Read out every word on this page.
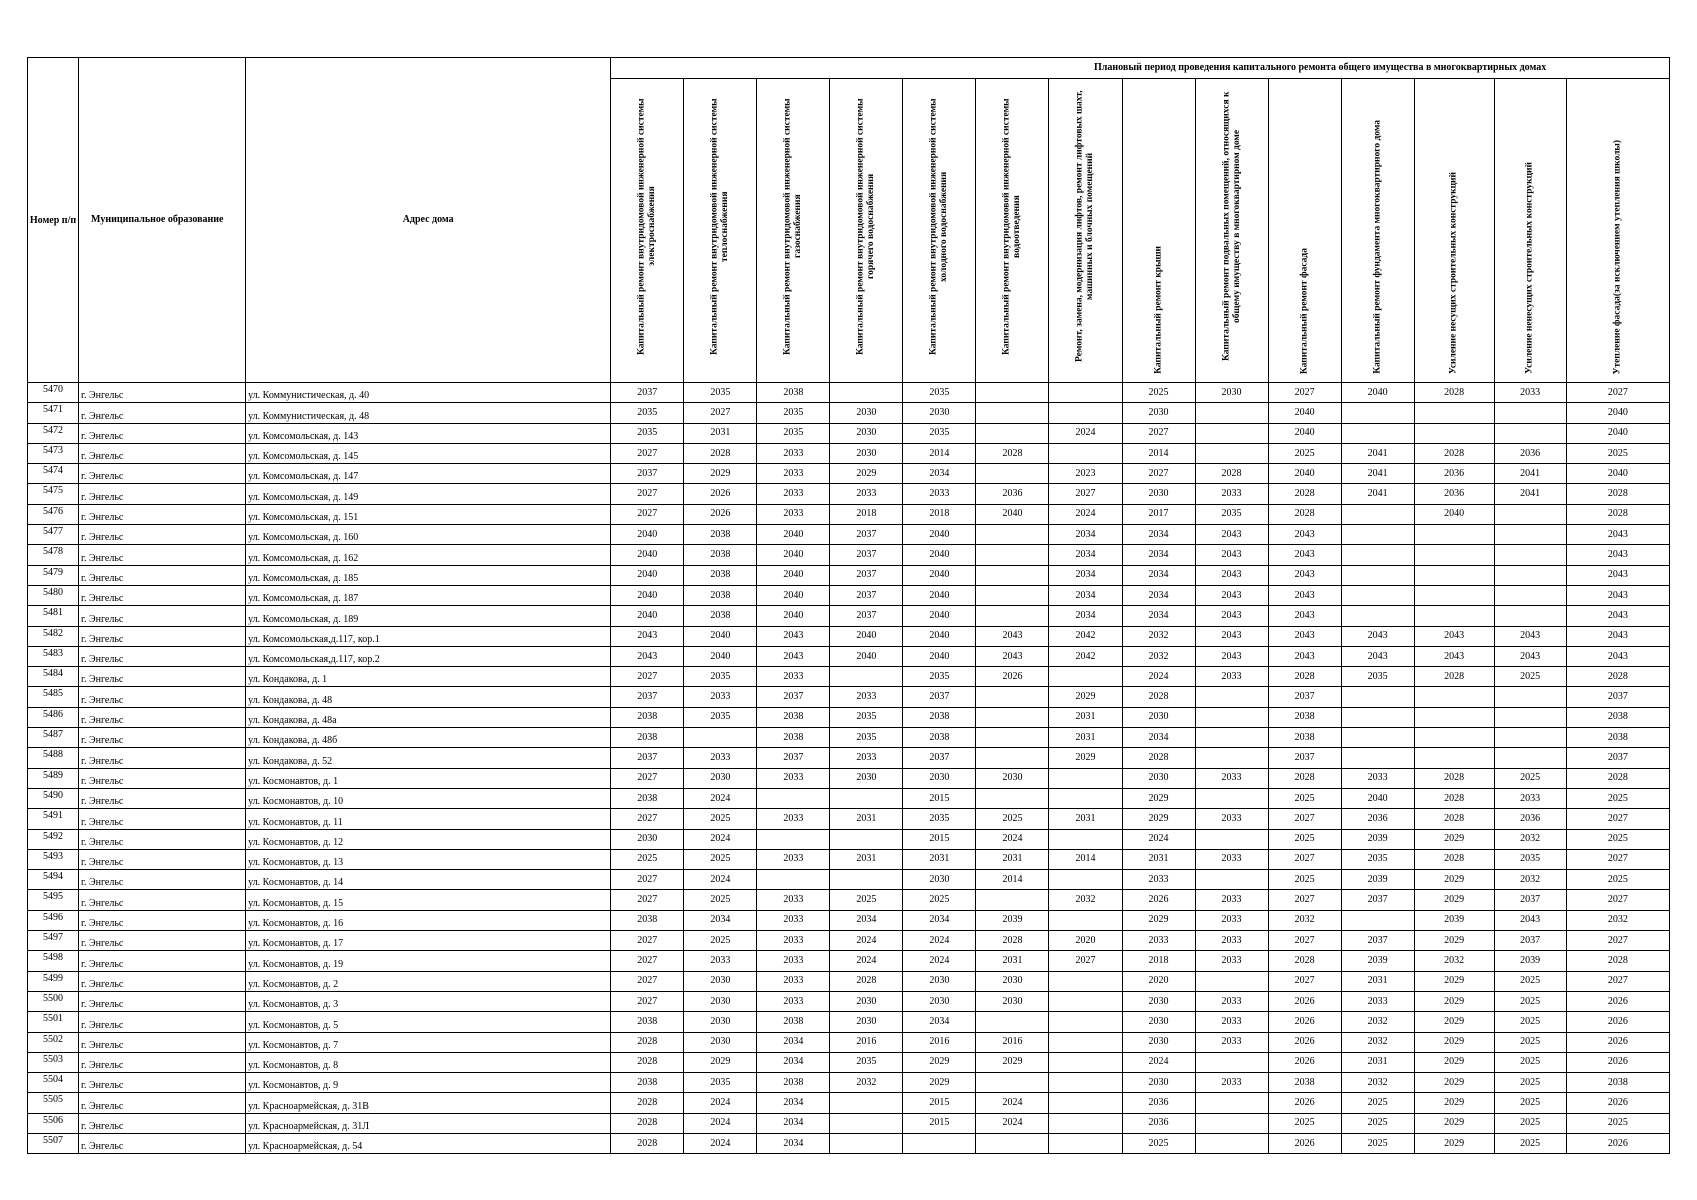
Номер п/п	Муниципальное образование	Адрес дома	Плановый период проведения капитального ремонта общего имущества в многоквартирных домах													

			Капитальный ремонт внутридомовой инженерной системы электроснабжения	Капитальный ремонт внутридомовой инженерной системы теплоснабжения	Капитальный ремонт внутридомовой инженерной системы газоснабжения	Капитальный ремонт внутридомовой инженерной системы горячего водоснабжения	Капитальный ремонт внутридомовой инженерной системы холодного водоснабжения	Капитальный ремонт внутридомовой инженерной системы водоотведения	Ремонт, замена, модернизация лифтов, ремонт лифтовых шахт, машинных и блочных помещений	Капитальный ремонт крыши	Капитальный ремонт подвальных помещений, относящихся к общему имуществу в многоквартирном доме	Капитальный ремонт фасада	Капитальный ремонт фундамента многоквартирного дома	Усиление несущих строительных конструкций	Усиление ненесущих строительных конструкций	Утепление фасада(за исключением утепления школы)

5470	г. Энгельс	ул. Коммунистическая, д. 40	2037	2035	2038		2035			2025	2030	2027	2040	2028	2033	2027
5471	г. Энгельс	ул. Коммунистическая, д. 48	2035	2027	2035	2030	2030			2030		2040				2040
5472	г. Энгельс	ул. Комсомольская, д. 143	2035	2031	2035	2030	2035		2024	2027		2040				2040
5473	г. Энгельс	ул. Комсомольская, д. 145	2027	2028	2033	2030	2014	2028		2014		2025	2041	2028	2036	2025
5474	г. Энгельс	ул. Комсомольская, д. 147	2037	2029	2033	2029	2034		2023	2027	2028	2040	2041	2036	2041	2040
5475	г. Энгельс	ул. Комсомольская, д. 149	2027	2026	2033	2033	2033	2036	2027	2030	2033	2028	2041	2036	2041	2028
5476	г. Энгельс	ул. Комсомольская, д. 151	2027	2026	2033	2018	2018	2040	2024	2017	2035	2028		2040		2028
5477	г. Энгельс	ул. Комсомольская, д. 160	2040	2038	2040	2037	2040		2034	2034	2043	2043				2043
5478	г. Энгельс	ул. Комсомольская, д. 162	2040	2038	2040	2037	2040		2034	2034	2043	2043				2043
5479	г. Энгельс	ул. Комсомольская, д. 185	2040	2038	2040	2037	2040		2034	2034	2043	2043				2043
5480	г. Энгельс	ул. Комсомольская, д. 187	2040	2038	2040	2037	2040		2034	2034	2043	2043				2043
5481	г. Энгельс	ул. Комсомольская, д. 189	2040	2038	2040	2037	2040		2034	2034	2043	2043				2043
5482	г. Энгельс	ул. Комсомольская,д.117, кор.1	2043	2040	2043	2040	2040	2043	2042	2032	2043	2043	2043	2043	2043	2043
5483	г. Энгельс	ул. Комсомольская,д.117, кор.2	2043	2040	2043	2040	2040	2043	2042	2032	2043	2043	2043	2043	2043	2043
5484	г. Энгельс	ул. Кондакова, д. 1	2027	2035	2033		2035	2026		2024	2033	2028	2035	2028	2025	2028
5485	г. Энгельс	ул. Кондакова, д. 48	2037	2033	2037	2033	2037		2029	2028		2037				2037
5486	г. Энгельс	ул. Кондакова, д. 48а	2038	2035	2038	2035	2038		2031	2030		2038				2038
5487	г. Энгельс	ул. Кондакова, д. 48б	2038		2038	2035	2038		2031	2034		2038				2038
5488	г. Энгельс	ул. Кондакова, д. 52	2037	2033	2037	2033	2037		2029	2028		2037				2037
5489	г. Энгельс	ул. Космонавтов, д. 1	2027	2030	2033	2030	2030	2030		2030	2033	2028	2033	2028	2025	2028
5490	г. Энгельс	ул. Космонавтов, д. 10	2038	2024			2015			2029		2025	2040	2028	2033	2025
5491	г. Энгельс	ул. Космонавтов, д. 11	2027	2025	2033	2031	2035	2025	2031	2029	2033	2027	2036	2028	2036	2027
5492	г. Энгельс	ул. Космонавтов, д. 12	2030	2024			2015	2024		2024		2025	2039	2029	2032	2025
5493	г. Энгельс	ул. Космонавтов, д. 13	2025	2025	2033	2031	2031	2031	2014	2031	2033	2027	2035	2028	2035	2027
5494	г. Энгельс	ул. Космонавтов, д. 14	2027	2024			2030	2014		2033		2025	2039	2029	2032	2025
5495	г. Энгельс	ул. Космонавтов, д. 15	2027	2025	2033	2025	2025		2032	2026	2033	2027	2037	2029	2037	2027
5496	г. Энгельс	ул. Космонавтов, д. 16	2038	2034	2033	2034	2034	2039		2029	2033	2032		2039	2043	2032
5497	г. Энгельс	ул. Космонавтов, д. 17	2027	2025	2033	2024	2024	2028	2020	2033	2033	2027	2037	2029	2037	2027
5498	г. Энгельс	ул. Космонавтов, д. 19	2027	2033	2033	2024	2024	2031	2027	2018	2033	2028	2039	2032	2039	2028
5499	г. Энгельс	ул. Космонавтов, д. 2	2027	2030	2033	2028	2030	2030		2020		2027	2031	2029	2025	2027
5500	г. Энгельс	ул. Космонавтов, д. 3	2027	2030	2033	2030	2030	2030		2030	2033	2026	2033	2029	2025	2026
5501	г. Энгельс	ул. Космонавтов, д. 5	2038	2030	2038	2030	2034			2030	2033	2026	2032	2029	2025	2026
5502	г. Энгельс	ул. Космонавтов, д. 7	2028	2030	2034	2016	2016	2016		2030	2033	2026	2032	2029	2025	2026
5503	г. Энгельс	ул. Космонавтов, д. 8	2028	2029	2034	2035	2029	2029		2024		2026	2031	2029	2025	2026
5504	г. Энгельс	ул. Космонавтов, д. 9	2038	2035	2038	2032	2029			2030	2033	2038	2032	2029	2025	2038
5505	г. Энгельс	ул. Красноармейская, д. 31В	2028	2024	2034		2015	2024		2036		2026	2025	2029	2025	2026
5506	г. Энгельс	ул. Красноармейская, д. 31Л	2028	2024	2034		2015	2024		2036		2025	2025	2029	2025	2025
5507	г. Энгельс	ул. Красноармейская, д. 54	2028	2024	2034					2025		2026	2025	2029	2025	2026
